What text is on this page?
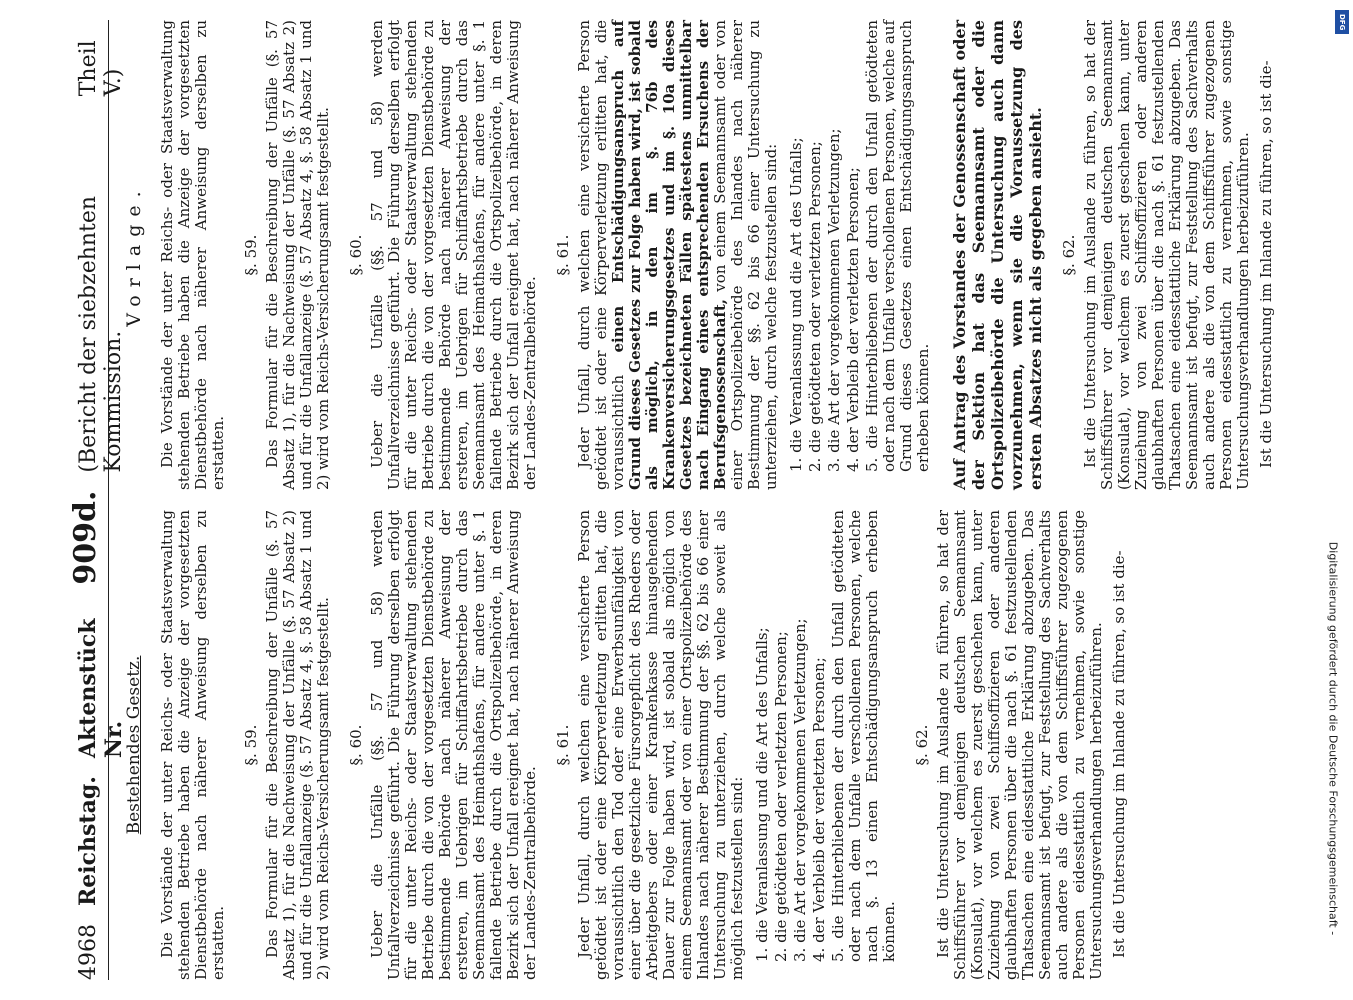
4968
Reichstag.
Aktenstück Nr.
909d.
(Bericht der siebzehnten Kommission.
Theil V.)
Bestehendes Gesetz. Die Vorstände der unter Reichs- oder Staatsverwaltung stehenden Betriebe haben die Anzeige der vorgesetzten Dienstbehörde nach näherer Anweisung derselben zu erstatten.

§. 59. Das Formular für die Beschreibung der Unfälle (§. 57 Absatz 1), für die Nachweisung der Unfälle (§. 57 Absatz 2) und für die Unfallanzeige (§. 57 Absatz 4, §. 58 Absatz 1 und 2) wird vom Reichs-Versicherungsamt festgestellt. §. 60. Ueber die Unfälle (§§. 57 und 58) werden Unfallverzeichnisse geführt. Die Führung derselben erfolgt für die unter Reichs- oder Staatsverwaltung stehenden Betriebe durch die von der vorgesetzten Dienstbehörde zu bestimmende Behörde nach näherer Anweisung der ersteren, im Uebrigen für Schiffahrtsbetriebe durch das Seemannsamt des Heimathshafens, für andere unter §. 1 fallende Betriebe durch die Ortspolizeibehörde, in deren Bezirk sich der Unfall ereignet hat, nach näherer Anweisung der Landes-Zentralbehörde.

§. 61. Jeder Unfall, durch welchen eine versicherte Person getödtet ist oder eine Körperverletzung erlitten hat, die voraussichtlich den Tod oder eine Erwerbsunfähigkeit von einer über die gesetzliche Fürsorgepflicht des Rheders oder Arbeitgebers oder einer Krankenkasse hinausgehenden Dauer zur Folge haben wird, ist sobald als möglich von einem Seemannsamt oder von einer Ortspolizeibehörde des Inlandes nach näherer Bestimmung der §§. 62 bis 66 einer Untersuchung zu unterziehen, durch welche soweit als möglich festzustellen sind: 1. die Veranlassung und die Art des Unfalls; 2. die getödteten oder verletzten Personen; 3. die Art der vorgekommenen Verletzungen; 4. der Verbleib der verletzten Personen; 5. die Hinterbliebenen der durch den Unfall getödteten oder nach dem Unfalle verschollenen Personen, welche nach §. 13 einen Entschädigungsanspruch erheben können.
§. 62. Ist die Untersuchung im Auslande zu führen, so hat der Schiffsführer vor demjenigen deutschen Seemannsamt (Konsulat), vor welchem es zuerst geschehen kann, unter Zuziehung von zwei Schiffsoffizieren oder anderen glaubhaften Personen über die nach §. 61 festzustellenden Thatsachen eine eidesstattliche Erklärung abzugeben. Das Seemannsamt ist befugt, zur Feststellung des Sachverhalts auch andere als die von dem Schiffsführer zugezogenen Personen eidesstattlich zu vernehmen, sowie sonstige Untersuchungsverhandlungen herbeizuführen. Ist die Untersuchung im Inlande zu führen, so ist die-

Vorlage. Die Vorstände der unter Reichs- oder Staatsverwaltung stehenden Betriebe haben die Anzeige der vorgesetzten Dienstbehörde nach näherer Anweisung derselben zu erstatten.

§. 59. Das Formular für die Beschreibung der Unfälle (§. 57 Absatz 1), für die Nachweisung der Unfälle (§. 57 Absatz 2) und für die Unfallanzeige (§. 57 Absatz 4, §. 58 Absatz 1 und 2) wird vom Reichs-Versicherungsamt festgestellt. §. 60. Ueber die Unfälle (§§. 57 und 58) werden Unfallverzeichnisse geführt. Die Führung derselben erfolgt für die unter Reichs- oder Staatsverwaltung stehenden Betriebe durch die von der vorgesetzten Dienstbehörde zu bestimmende Behörde nach näherer Anweisung der ersteren, im Uebrigen für Schiffahrtsbetriebe durch das Seemannsamt des Heimathshafens, für andere unter §. 1 fallende Betriebe durch die Ortspolizeibehörde, in deren Bezirk sich der Unfall ereignet hat, nach näherer Anweisung der Landes-Zentralbehörde.

§. 61. Jeder Unfall, durch welchen eine versicherte Person getödtet ist oder eine Körperverletzung erlitten hat, die voraussichtlich einen Entschädigungsanspruch auf Grund dieses Gesetzes zur Folge haben wird, ist sobald als möglich, in den im §. 76b des Krankenversicherungsgesetzes und im §. 10a dieses Gesetzes bezeichneten Fällen spätestens unmittelbar nach Eingang eines entsprechenden Ersuchens der Berufsgenossenschaft, von einem Seemannsamt oder von einer Ortspolizeibehörde des Inlandes nach näherer Bestimmung der §§. 62 bis 66 einer Untersuchung zu unterziehen, durch welche festzustellen sind: 1. die Veranlassung und die Art des Unfalls; 2. die getödteten oder verletzten Personen; 3. die Art der vorgekommenen Verletzungen; 4. der Verbleib der verletzten Personen; 5. die Hinterbliebenen der durch den Unfall getödteten oder nach dem Unfalle verschollenen Personen, welche auf Grund dieses Gesetzes einen Entschädigungsanspruch erheben können. Auf Antrag des Vorstandes der Genossenschaft oder der Sektion hat das Seemannsamt oder die Ortspolizeibehörde die Untersuchung auch dann vorzunehmen, wenn sie die Voraussetzung des ersten Absatzes nicht als gegeben ansieht. §. 62. Ist die Untersuchung im Auslande zu führen, so hat der Schiffsführer vor demjenigen deutschen Seemannsamt (Konsulat), vor welchem es zuerst geschehen kann, unter Zuziehung von zwei Schiffsoffizieren oder anderen glaubhaften Personen über die nach §. 61 festzustellenden Thatsachen eine eidesstattliche Erklärung abzugeben. Das Seemannsamt ist befugt, zur Feststellung des Sachverhalts auch andere als die von dem Schiffsführer zugezogenen Personen eidesstattlich zu vernehmen, sowie sonstige Untersuchungsverhandlungen herbeizuführen. Ist die Untersuchung im Inlande zu führen, so ist die-

DFG
Digitalisierung gefördert durch die Deutsche Forschungsgemeinschaft -
